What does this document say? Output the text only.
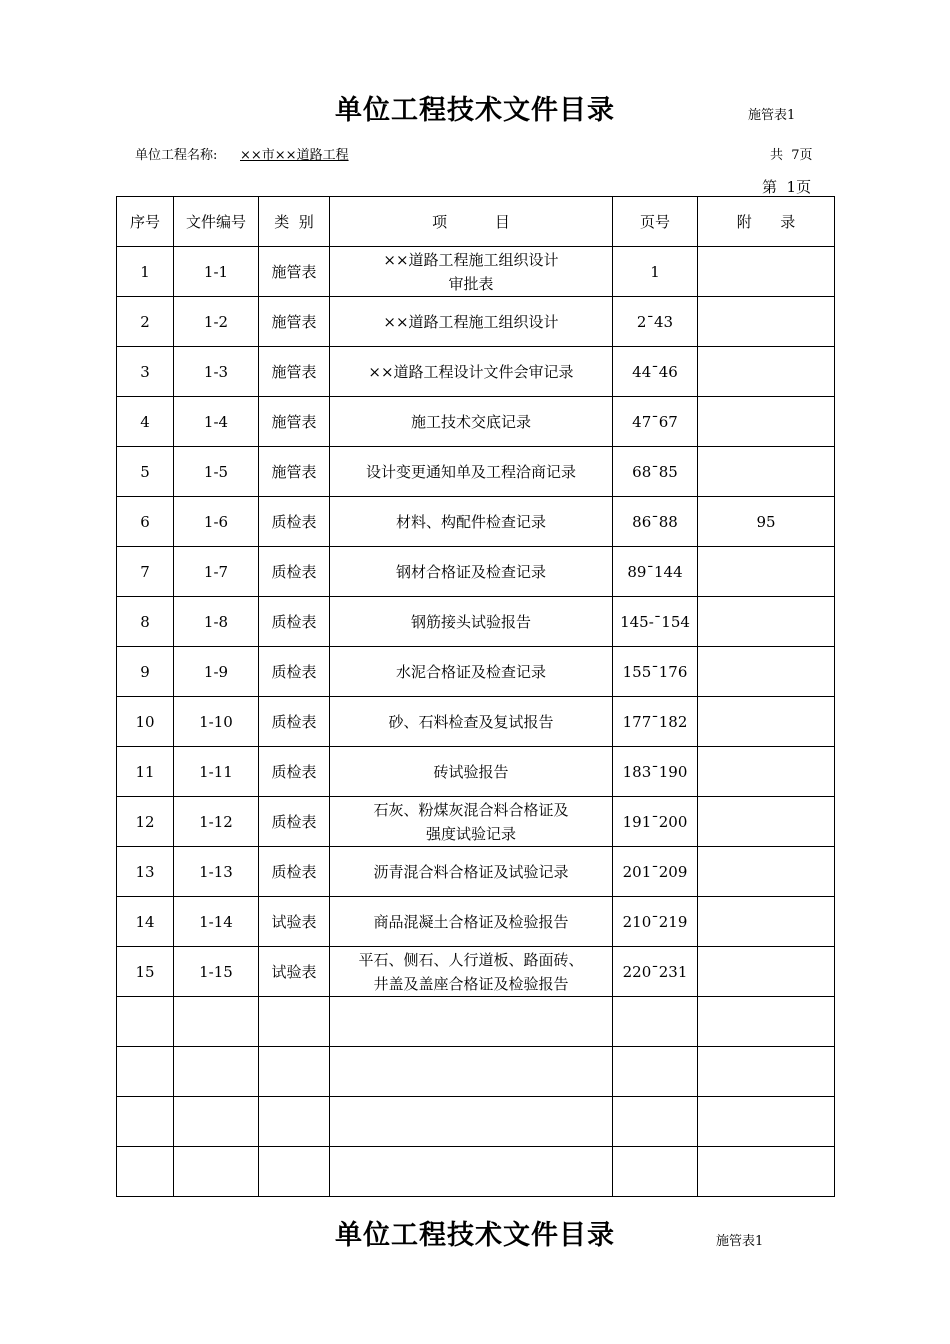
单位工程技术文件目录	施管表1
单位工程名称:	××市××道路工程	共  7页
第  1页
序号	文件编号	类  别	项          目	页号	附      录
1	1-1	施管表	××道路工程施工组织设计
审批表	1	
2	1-2	施管表	××道路工程施工组织设计	2¯43	
3	1-3	施管表	××道路工程设计文件会审记录	44¯46	
4	1-4	施管表	施工技术交底记录	47¯67	
5	1-5	施管表	设计变更通知单及工程洽商记录	68¯85	
6	1-6	质检表	材料、构配件检查记录	86¯88	95
7	1-7	质检表	钢材合格证及检查记录	89¯144	
8	1-8	质检表	钢筋接头试验报告	145-¯154	
9	1-9	质检表	水泥合格证及检查记录	155¯176	
10	1-10	质检表	砂、石料检查及复试报告	177¯182	
11	1-11	质检表	砖试验报告	183¯190	
12	1-12	质检表	石灰、粉煤灰混合料合格证及
强度试验记录	191¯200	
13	1-13	质检表	沥青混合料合格证及试验记录	201¯209	
14	1-14	试验表	商品混凝土合格证及检验报告	210¯219	
15	1-15	试验表	平石、侧石、人行道板、路面砖、
井盖及盖座合格证及检验报告	220¯231	

单位工程技术文件目录	施管表1
